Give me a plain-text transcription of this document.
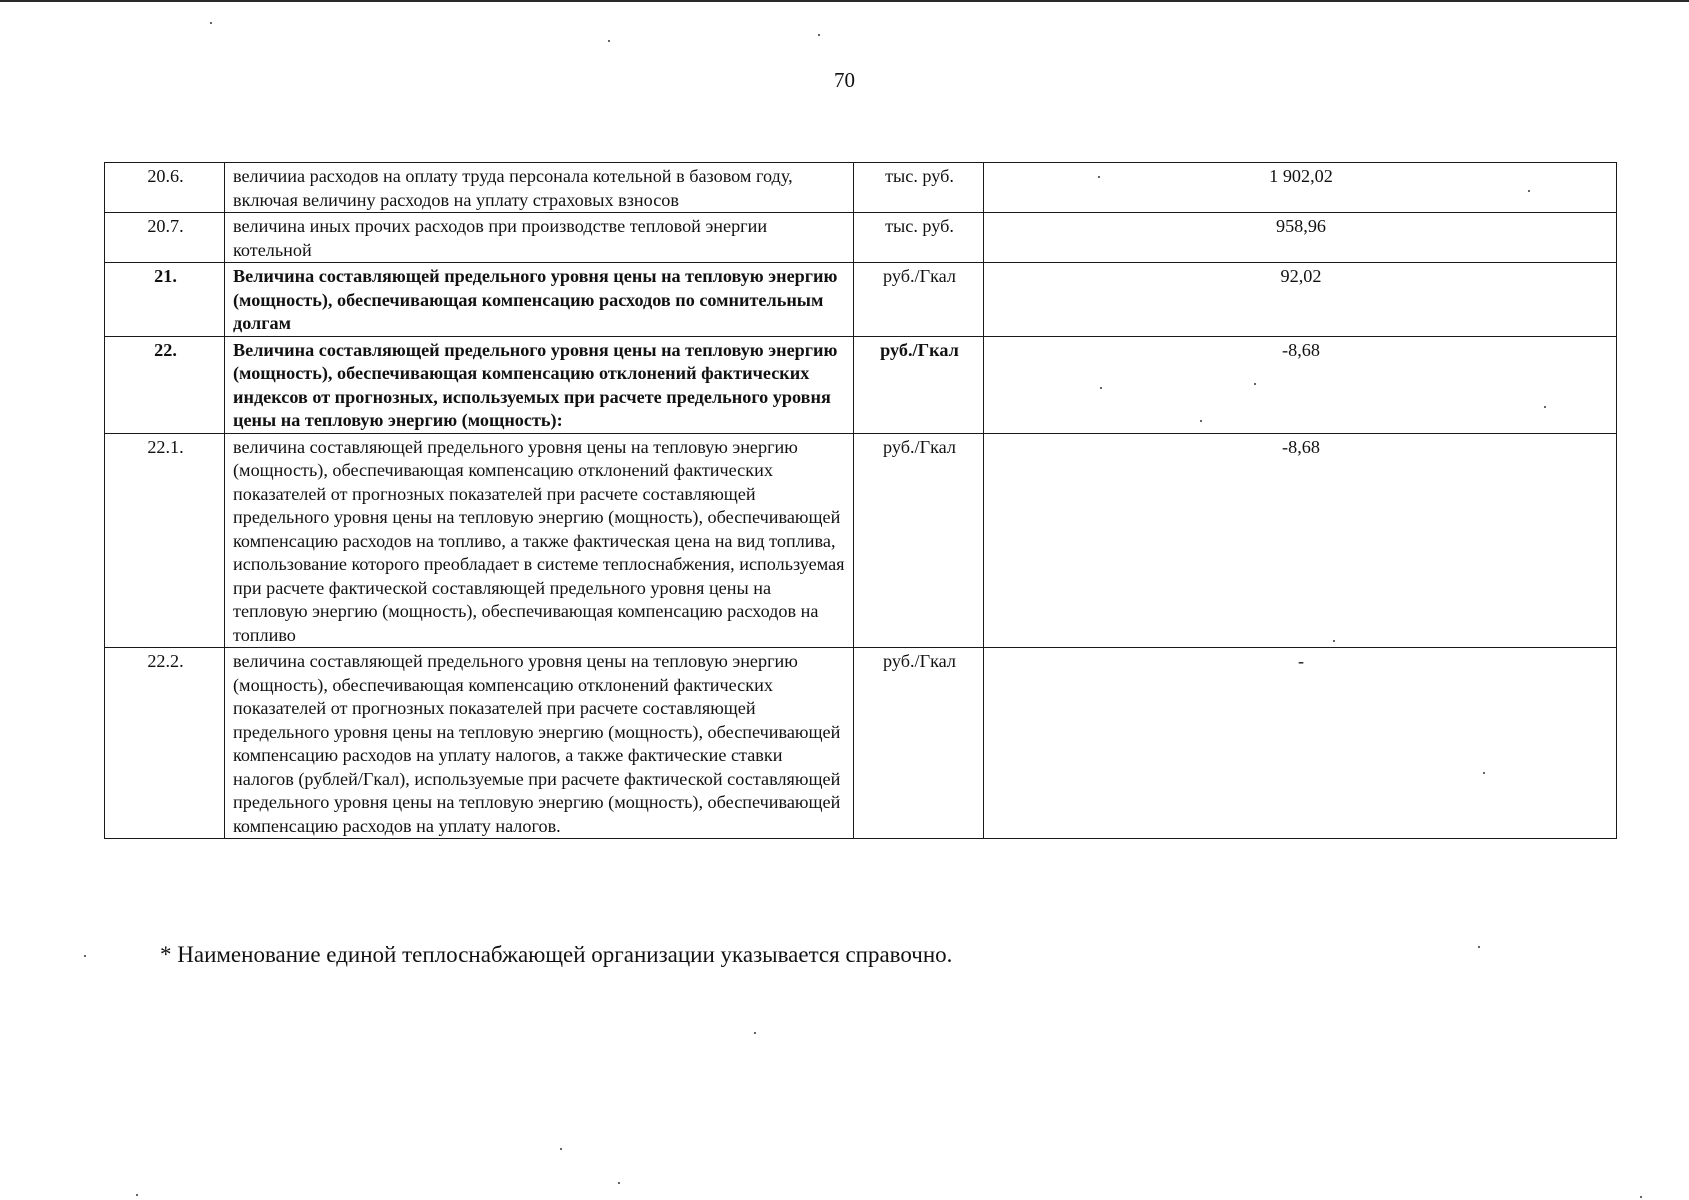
70
20.6.	величииа расходов на оплату труда персонала котельной в базовом году, включая величину расходов на уплату страховых взносов	тыс. руб.	1 902,02
20.7.	величина иных прочих расходов при производстве тепловой энергии котельной	тыс. руб.	958,96
21.	Величина составляющей предельного уровня цены на тепловую энергию (мощность), обеспечивающая компенсацию расходов по сомнительным долгам	руб./Гкал	92,02
22.	Величина составляющей предельного уровня цены на тепловую энергию (мощность), обеспечивающая компенсацию отклонений фактических индексов от прогнозных, используемых при расчете предельного уровня цены на тепловую энергию (мощность):	руб./Гкал	-8,68
22.1.	величина составляющей предельного уровня цены на тепловую энергию (мощность), обеспечивающая компенсацию отклонений фактических показателей от прогнозных показателей при расчете составляющей предельного уровня цены на тепловую энергию (мощность), обеспечивающей компенсацию расходов на топливо, а также фактическая цена на вид топлива, использование которого преобладает в системе теплоснабжения, используемая при расчете фактической составляющей предельного уровня цены на тепловую энергию (мощность), обеспечивающая компенсацию расходов на топливо	руб./Гкал	-8,68
22.2.	величина составляющей предельного уровня цены на тепловую энергию (мощность), обеспечивающая компенсацию отклонений фактических показателей от прогнозных показателей при расчете составляющей предельного уровня цены на тепловую энергию (мощность), обеспечивающей компенсацию расходов на уплату налогов, а также фактические ставки налогов (рублей/Гкал), используемые при расчете фактической составляющей предельного уровня цены на тепловую энергию (мощность), обеспечивающей компенсацию расходов на уплату налогов.	руб./Гкал	-
* Наименование единой теплоснабжающей организации указывается справочно.
